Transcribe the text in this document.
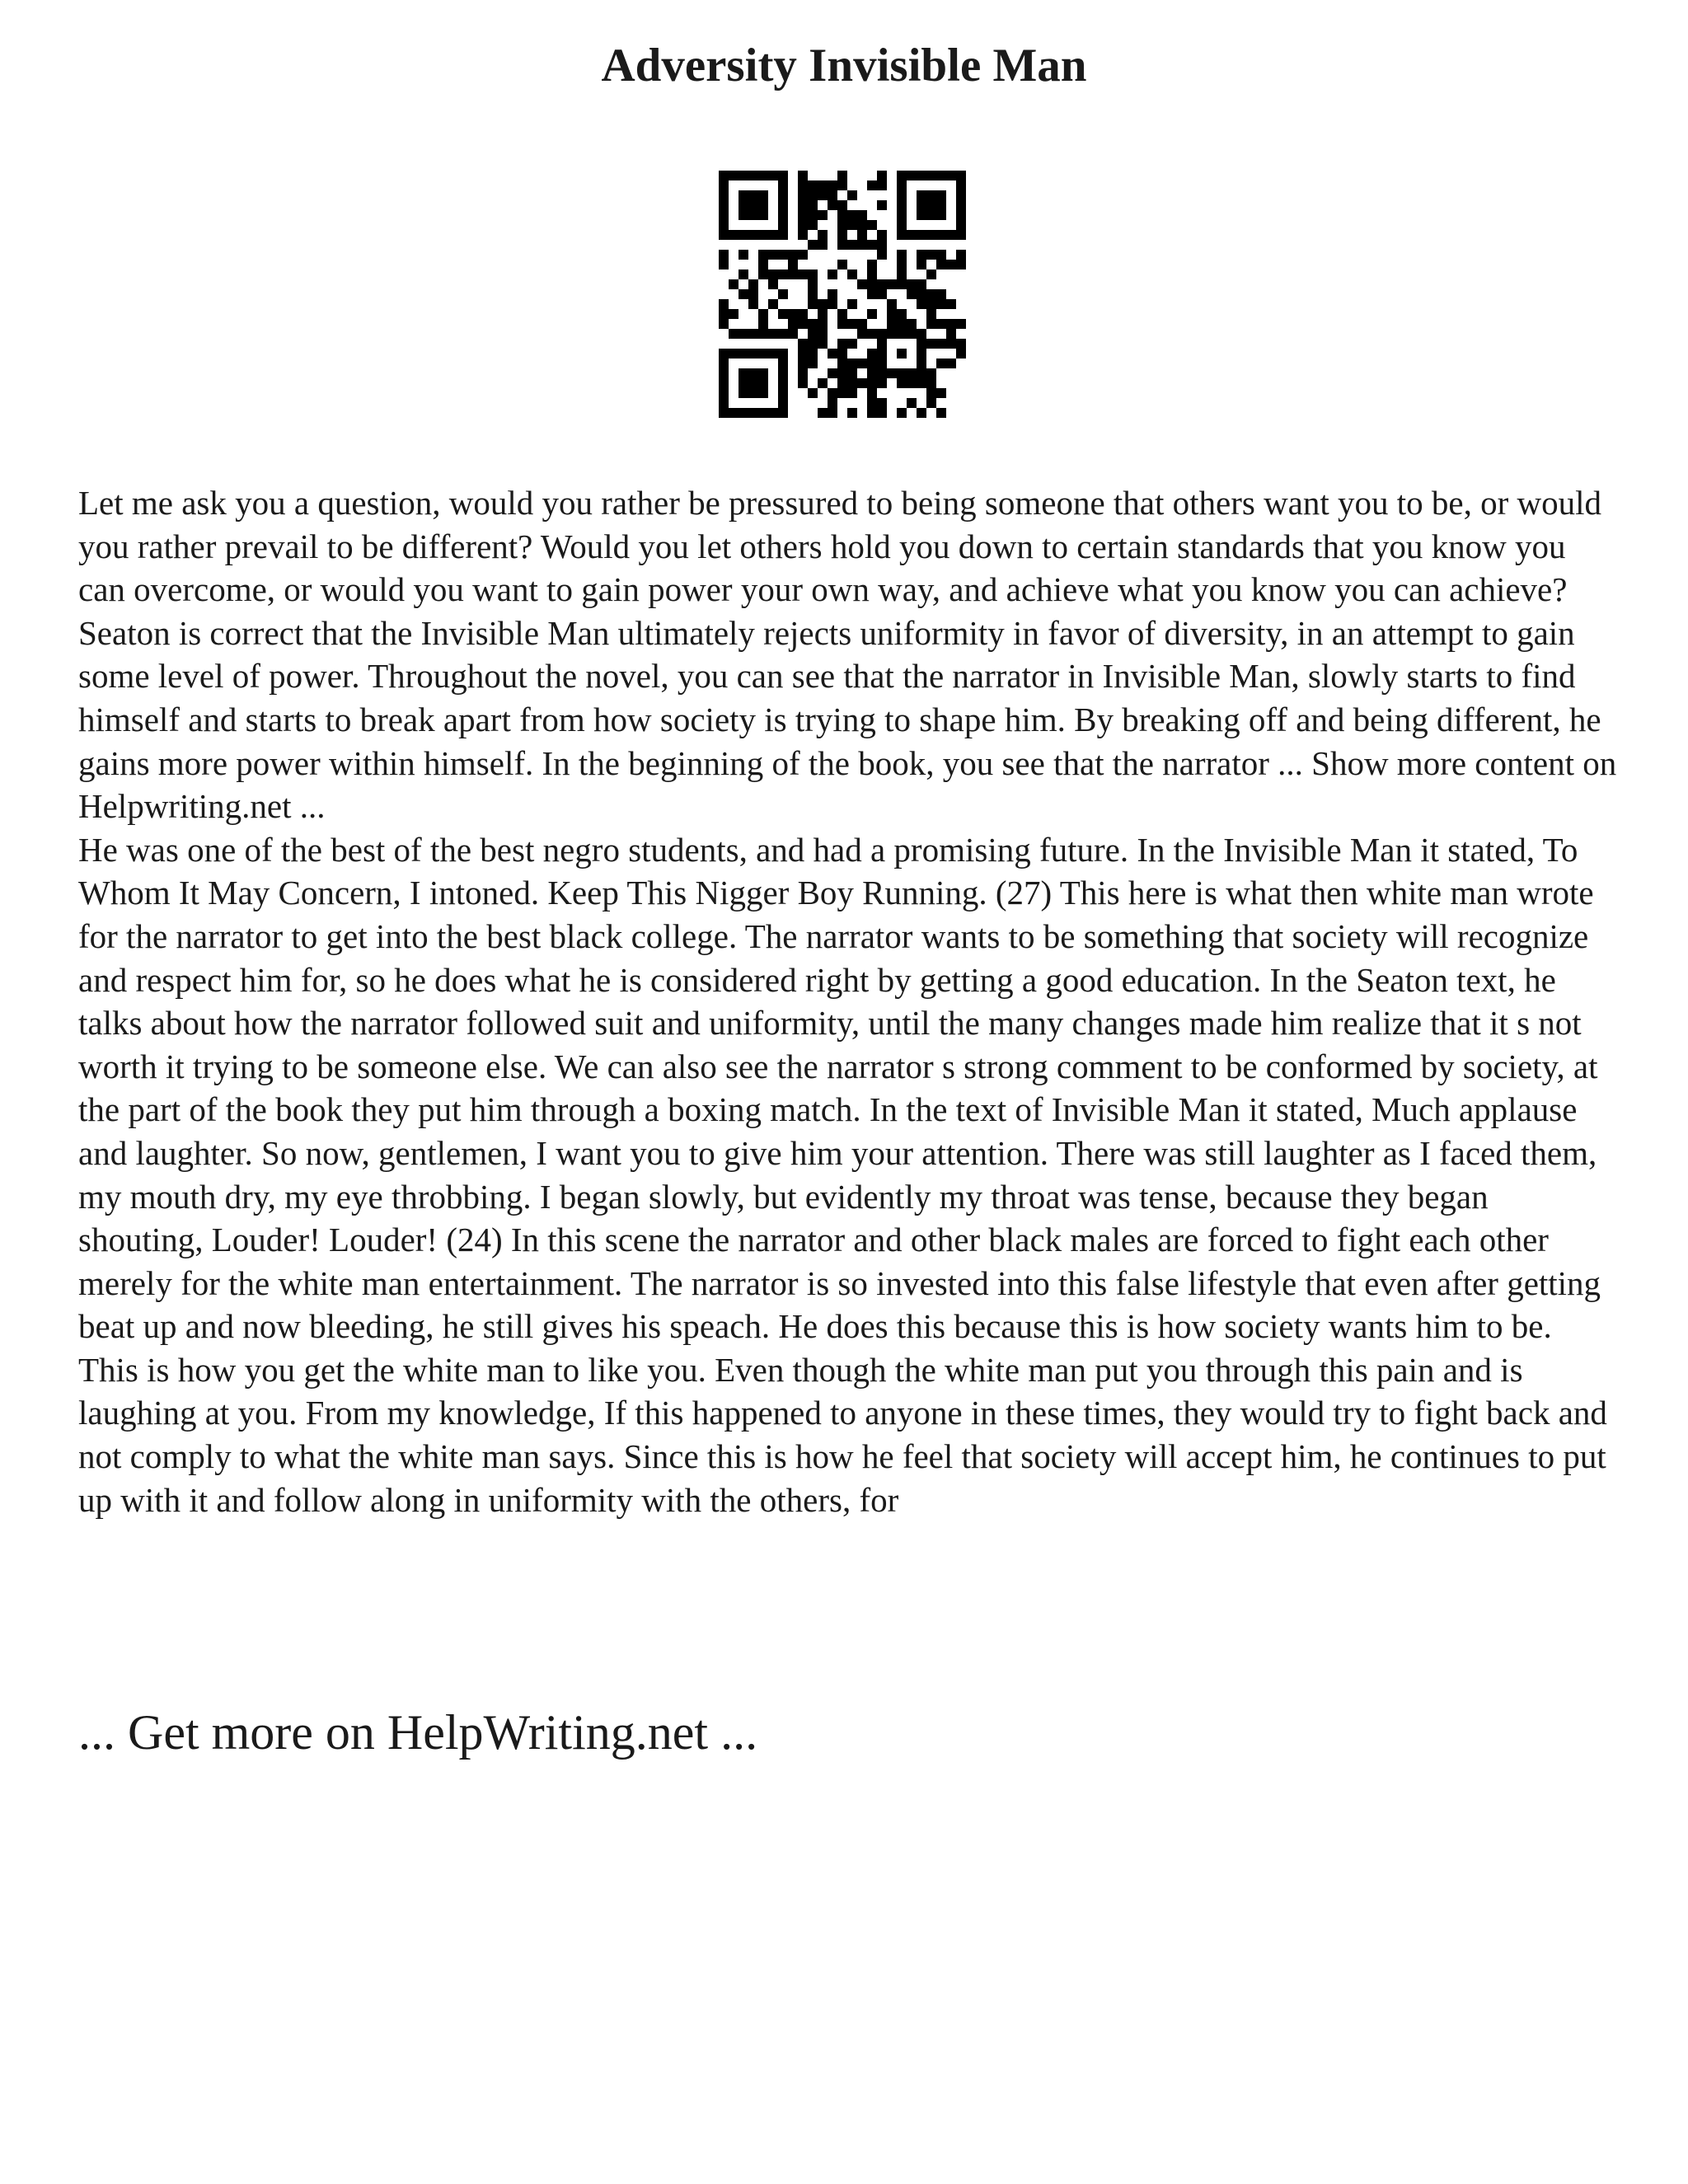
Adversity Invisible Man

Let me ask you a question, would you rather be pressured to being someone that others want you to be, or would you rather prevail to be different? Would you let others hold you down to certain standards that you know you can overcome, or would you want to gain power your own way, and achieve what you know you can achieve? Seaton is correct that the Invisible Man ultimately rejects uniformity in favor of diversity, in an attempt to gain some level of power. Throughout the novel, you can see that the narrator in Invisible Man, slowly starts to find himself and starts to break apart from how society is trying to shape him. By breaking off and being different, he gains more power within himself. In the beginning of the book, you see that the narrator ... Show more content on Helpwriting.net ...

He was one of the best of the best negro students, and had a promising future. In the Invisible Man it stated, To Whom It May Concern, I intoned. Keep This Nigger Boy Running. (27) This here is what then white man wrote for the narrator to get into the best black college. The narrator wants to be something that society will recognize and respect him for, so he does what he is considered right by getting a good education. In the Seaton text, he talks about how the narrator followed suit and uniformity, until the many changes made him realize that it s not worth it trying to be someone else. We can also see the narrator s strong comment to be conformed by society, at the part of the book they put him through a boxing match. In the text of Invisible Man it stated, Much applause and laughter. So now, gentlemen, I want you to give him your attention. There was still laughter as I faced them, my mouth dry, my eye throbbing. I began slowly, but evidently my throat was tense, because they began shouting, Louder! Louder! (24) In this scene the narrator and other black males are forced to fight each other merely for the white man entertainment. The narrator is so invested into this false lifestyle that even after getting beat up and now bleeding, he still gives his speach. He does this because this is how society wants him to be. This is how you get the white man to like you. Even though the white man put you through this pain and is laughing at you. From my knowledge, If this happened to anyone in these times, they would try to fight back and not comply to what the white man says. Since this is how he feel that society will accept him, he continues to put up with it and follow along in uniformity with the others, for

... Get more on HelpWriting.net ...
